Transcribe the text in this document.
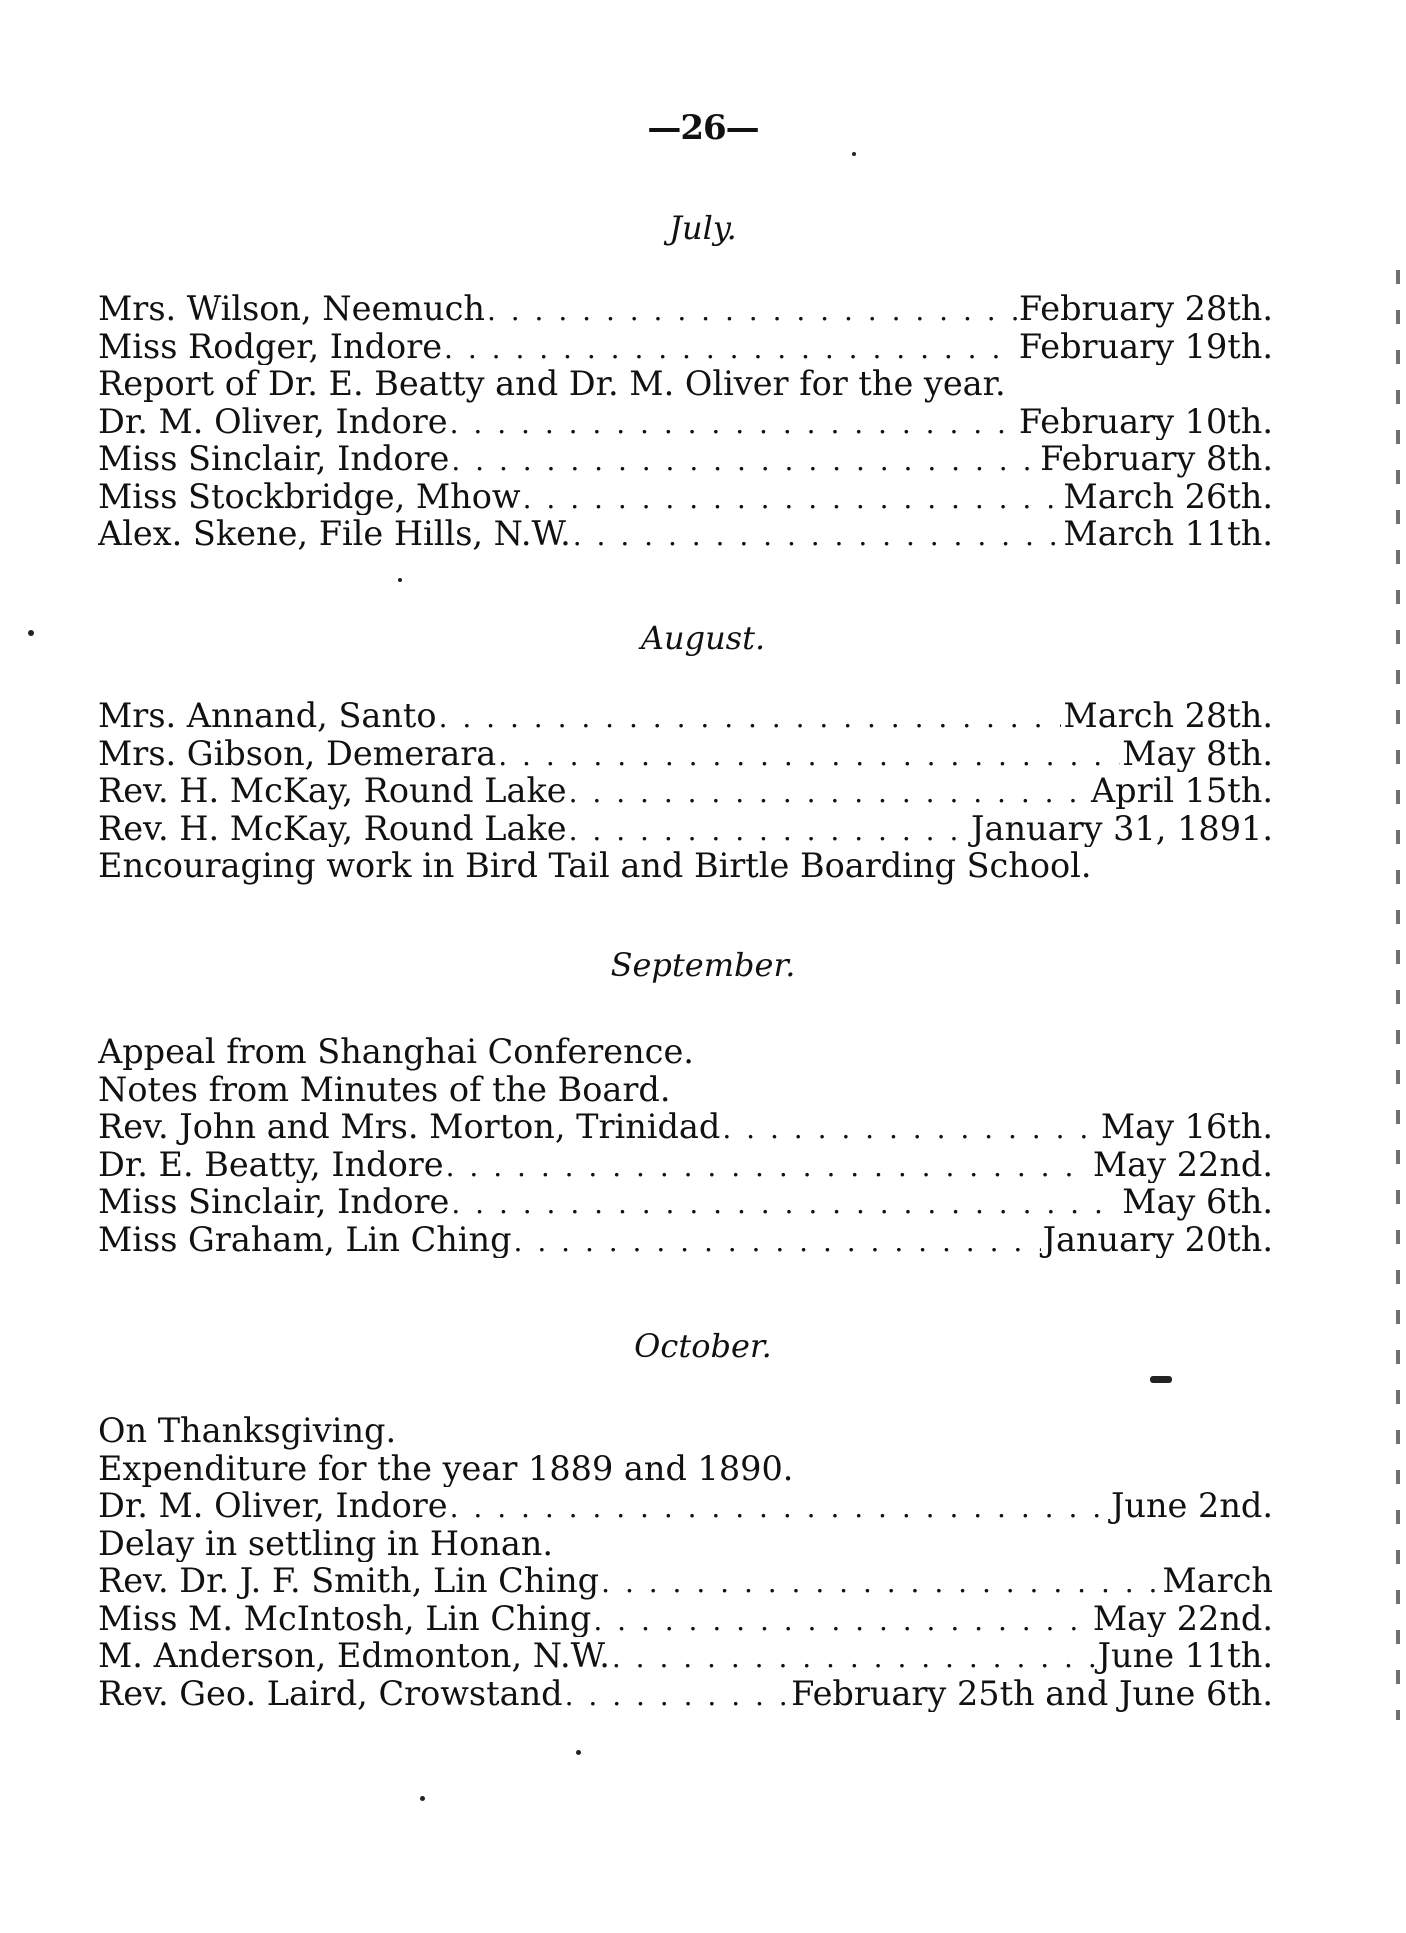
—26—
July.
Mrs. Wilson, Neemuch . . .	February 28th.
Miss Rodger, Indore . . .	February 19th.
Report of Dr. E. Beatty and Dr. M. Oliver for the year.
Dr. M. Oliver, Indore . . .	February 10th.
Miss Sinclair, Indore . . .	February 8th.
Miss Stockbridge, Mhow . . .	March 26th.
Alex. Skene, File Hills, N.W. . . .	March 11th.
August.
Mrs. Annand, Santo . . .	March 28th.
Mrs. Gibson, Demerara . . .	May 8th.
Rev. H. McKay, Round Lake . . .	April 15th.
Rev. H. McKay, Round Lake . . .	January 31, 1891.
Encouraging work in Bird Tail and Birtle Boarding School.
September.
Appeal from Shanghai Conference.
Notes from Minutes of the Board.
Rev. John and Mrs. Morton, Trinidad . . .	May 16th.
Dr. E. Beatty, Indore . . .	May 22nd.
Miss Sinclair, Indore . . .	May 6th.
Miss Graham, Lin Ching . . .	January 20th.
October.
On Thanksgiving.
Expenditure for the year 1889 and 1890.
Dr. M. Oliver, Indore . . .	June 2nd.
Delay in settling in Honan.
Rev. Dr. J. F. Smith, Lin Ching . . .	March
Miss M. McIntosh, Lin Ching . . .	May 22nd.
M. Anderson, Edmonton, N.W. . . .	June 11th.
Rev. Geo. Laird, Crowstand . . .	February 25th and June 6th.
